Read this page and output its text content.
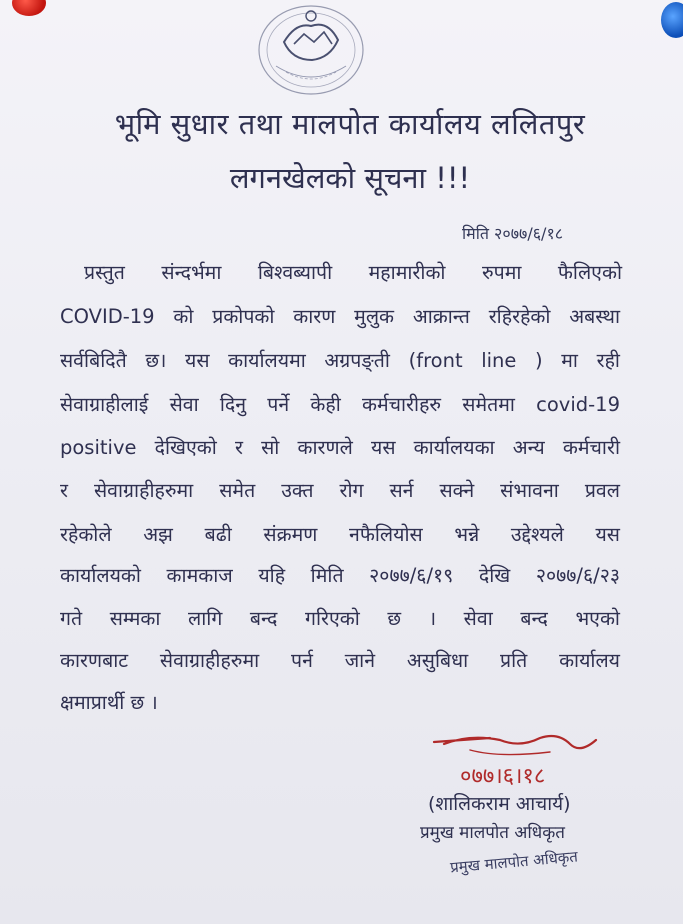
भूमि सुधार तथा मालपोत कार्यालय ललितपुर
लगनखेलको सूचना !!!
मिति २०७७/६/१८
प्रस्तुत संन्दर्भमा बिश्वब्यापी महामारीको रुपमा फैलिएको
COVID-19 को प्रकोपको कारण मुलुक आक्रान्त रहिरहेको अबस्था
सर्वबिदितै छ। यस कार्यालयमा अग्रपङ्ती (front line ) मा रही
सेवाग्राहीलाई सेवा दिनु पर्ने केही कर्मचारीहरु समेतमा covid-19
positive देखिएको र सो कारणले यस कार्यालयका अन्य कर्मचारी
र सेवाग्राहीहरुमा समेत उक्त रोग सर्न सक्ने संभावना प्रवल
रहेकोले अझ बढी संक्रमण नफैलियोस भन्ने उद्देश्यले यस
कार्यालयको कामकाज यहि मिति २०७७/६/१९ देखि २०७७/६/२३
गते सम्मका लागि बन्द गरिएको छ । सेवा बन्द भएको
कारणबाट सेवाग्राहीहरुमा पर्न जाने असुबिधा प्रति कार्यालय
क्षमाप्रार्थी छ ।
०७७।६।१८
(शालिकराम आचार्य)
प्रमुख मालपोत अधिकृत
प्रमुख मालपोत अधिकृत
